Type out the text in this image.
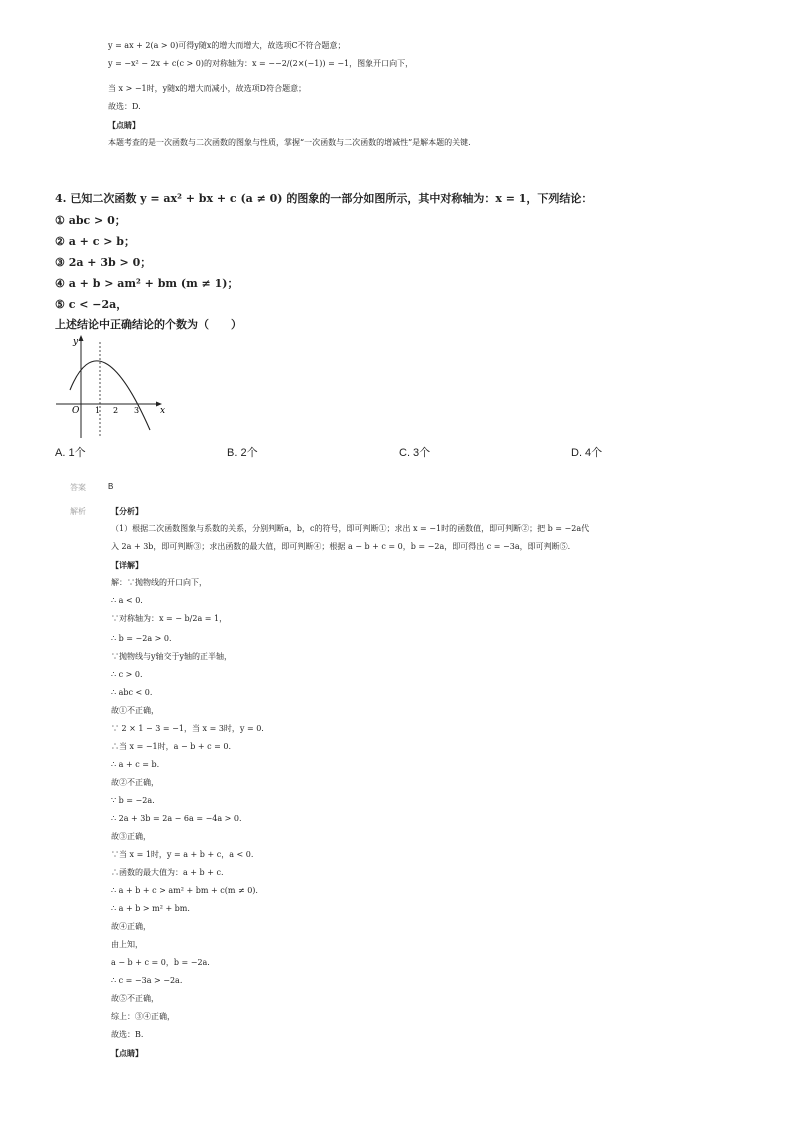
y = ax + 2(a > 0)可得y随x的增大而增大，故选项C不符合题意；
y = −x² − 2x + c(c > 0)的对称轴为：x = −−2/(2×(−1)) = −1，图象开口向下，
当 x > −1时，y随x的增大而减小，故选项D符合题意；
故选：D.
【点睛】
本题考查的是一次函数与二次函数的图象与性质，掌握“一次函数与二次函数的增减性”是解本题的关键.
4. 已知二次函数 y = ax² + bx + c (a ≠ 0) 的图象的一部分如图所示，其中对称轴为：x = 1，下列结论：
① abc > 0；
② a + c > b；
③ 2a + 3b > 0；
④ a + b > am² + bm (m ≠ 1)；
⑤ c < −2a，
上述结论中正确结论的个数为（　　）
y
x
O 1 2 3
A. 1个	B. 2个	C. 3个	D. 4个
答案	B
解析	【分析】
（1）根据二次函数图象与系数的关系，分别判断a，b，c的符号，即可判断①；求出 x = −1时的函数值，即可判断②；把 b = −2a代
入 2a + 3b，即可判断③；求出函数的最大值，即可判断④；根据 a − b + c = 0，b = −2a，即可得出 c = −3a，即可判断⑤.
【详解】
解：∵抛物线的开口向下，
∴ a < 0.
∵对称轴为：x = − b/2a = 1，
∴ b = −2a > 0.
∵抛物线与y轴交于y轴的正半轴，
∴ c > 0.
∴ abc < 0.
故①不正确，
∵ 2 × 1 − 3 = −1，当 x = 3时，y = 0.
∴当 x = −1时，a − b + c = 0.
∴ a + c = b.
故②不正确，
∵ b = −2a.
∴ 2a + 3b = 2a − 6a = −4a > 0.
故③正确，
∵当 x = 1时，y = a + b + c，a < 0.
∴函数的最大值为：a + b + c.
∴ a + b + c > am² + bm + c(m ≠ 0).
∴ a + b > m² + bm.
故④正确，
由上知，
a − b + c = 0，b = −2a.
∴ c = −3a > −2a.
故⑤不正确，
综上：③④正确，
故选：B.
【点睛】
